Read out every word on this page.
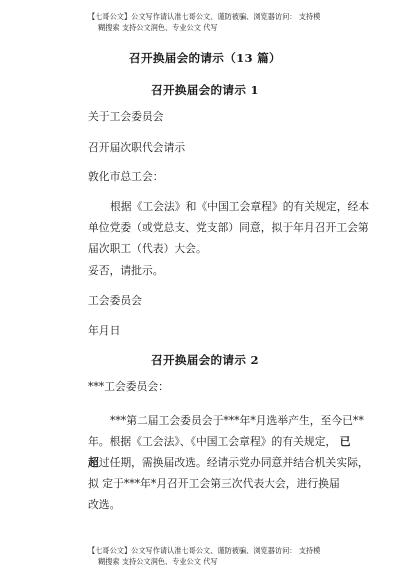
【七哥公文】公文写作请认准七哥公文、谨防被骗、浏览器访问： 支持模
糊搜索 支持公文润色、专业公文 代写
召开换届会的请示（13 篇）
召开换届会的请示 1
关于工会委员会
召开届次职代会请示
敦化市总工会：
根据《工会法》和《中国工会章程》的有关规定，经本
单位党委（或党总支、党支部）同意，拟于年月召开工会第
届次职工（代表）大会。
妥否，请批示。
工会委员会
年月日
召开换届会的请示 2
***工会委员会：
***第二届工会委员会于***年*月选举产生，至今已**
年。根据《工会法》、《中国工会章程》的有关规定， 已
超过任期，需换届改选。经请示党办同意并结合机关实际，
拟 定于***年*月召开工会第三次代表大会，进行换届
改选。
【七哥公文】公文写作请认准七哥公文、谨防被骗、浏览器访问： 支持模
糊搜索 支持公文润色、专业公文 代写
